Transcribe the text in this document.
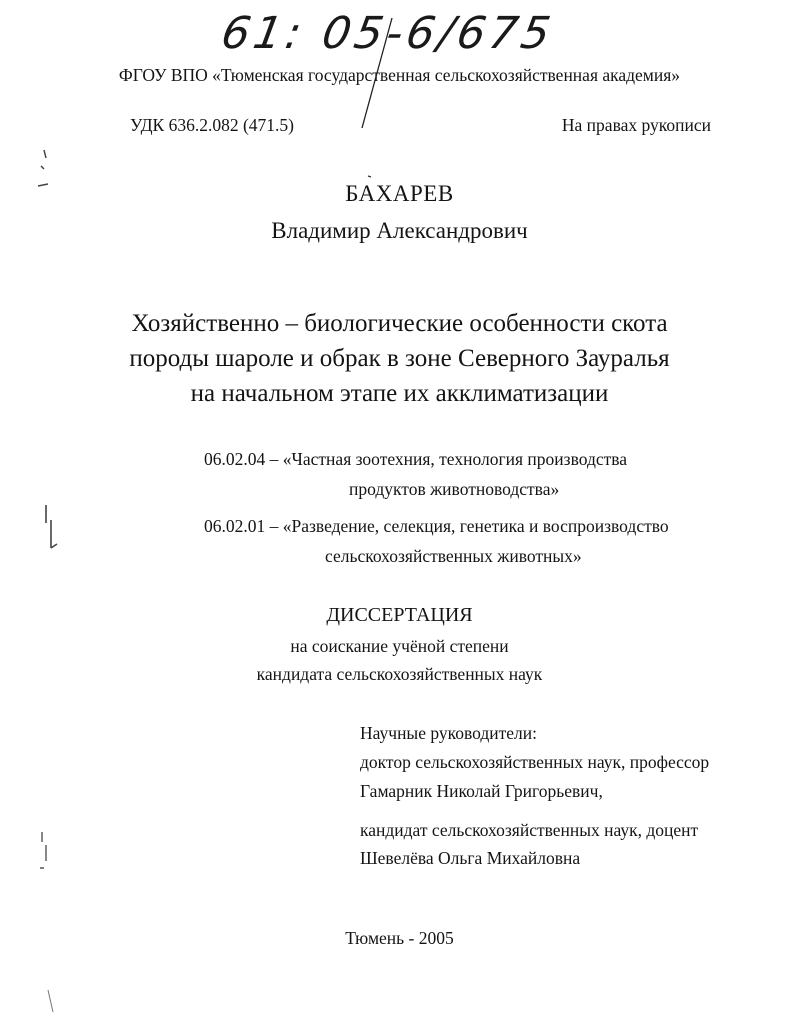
61: 05-6/675

ФГОУ ВПО «Тюменская государственная сельскохозяйственная академия»

УДК 636.2.082 (471.5)	На правах рукописи

БАХАРЕВ

Владимир Александрович

Хозяйственно – биологические особенности скота
породы шароле и обрак в зоне Северного Зауралья
на начальном этапе их акклиматизации

06.02.04 – «Частная зоотехния, технология производства

продуктов животноводства»

06.02.01 – «Разведение, селекция, генетика и воспроизводство

сельскохозяйственных животных»

ДИССЕРТАЦИЯ

на соискание учёной степени

кандидата сельскохозяйственных наук

Научные руководители:

доктор сельскохозяйственных наук, профессор

Гамарник Николай Григорьевич,

кандидат сельскохозяйственных наук, доцент

Шевелёва Ольга Михайловна

Тюмень - 2005
